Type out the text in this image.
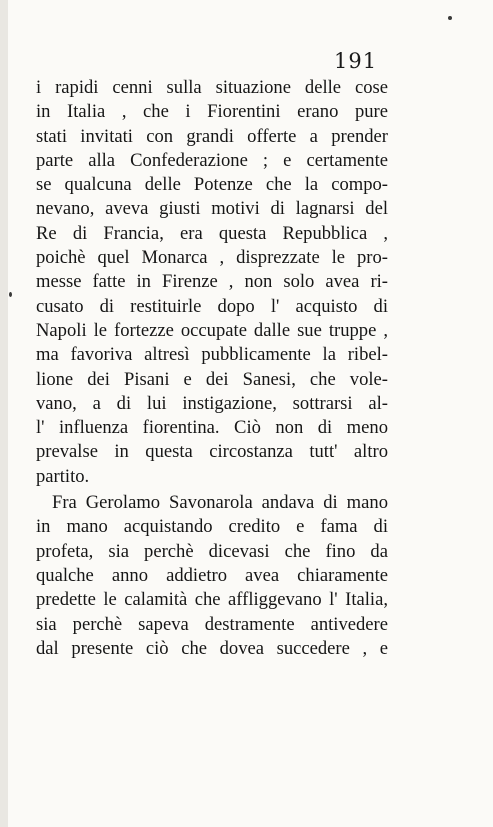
191
i rapidi cenni sulla situazione delle cose
in Italia , che i Fiorentini erano pure
stati invitati con grandi offerte a prender
parte alla Confederazione ; e certamente
se qualcuna delle Potenze che la compo-
nevano, aveva giusti motivi di lagnarsi del
Re di Francia, era questa Repubblica ,
poichè quel Monarca , disprezzate le pro-
messe fatte in Firenze , non solo avea ri-
cusato di restituirle dopo l' acquisto di
Napoli le fortezze occupate dalle sue truppe ,
ma favoriva altresì pubblicamente la ribel-
lione dei Pisani e dei Sanesi, che vole-
vano, a di lui instigazione, sottrarsi al-
l' influenza fiorentina. Ciò non di meno
prevalse in questa circostanza tutt' altro
partito.
Fra Gerolamo Savonarola andava di mano
in mano acquistando credito e fama di
profeta, sia perchè dicevasi che fino da
qualche anno addietro avea chiaramente
predette le calamità che affliggevano l' Italia,
sia perchè sapeva destramente antivedere
dal presente ciò che dovea succedere , e
